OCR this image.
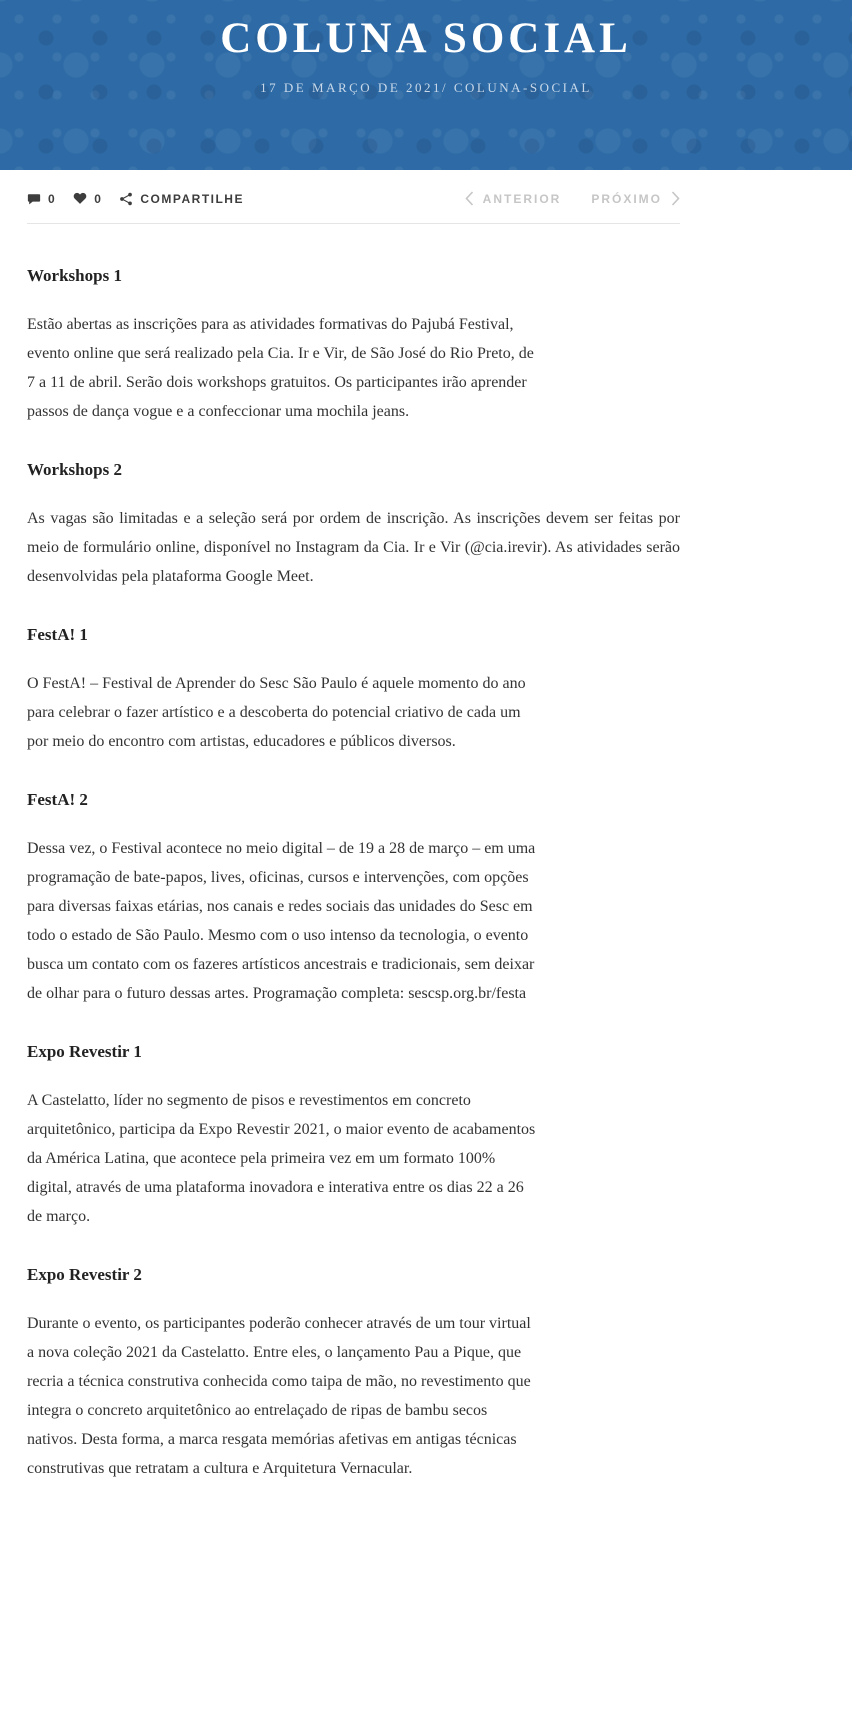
COLUNA SOCIAL
17 DE MARÇO DE 2021/ COLUNA-SOCIAL
0	0	COMPARTILHE	ANTERIOR	PRÓXIMO
Workshops 1

Estão abertas as inscrições para as atividades formativas do Pajubá Festival, evento online que será realizado pela Cia. Ir e Vir, de São José do Rio Preto, de 7 a 11 de abril. Serão dois workshops gratuitos. Os participantes irão aprender passos de dança vogue e a confeccionar uma mochila jeans.

Workshops 2

As vagas são limitadas e a seleção será por ordem de inscrição. As inscrições devem ser feitas por meio de formulário online, disponível no Instagram da Cia. Ir e Vir (@cia.irevir). As atividades serão desenvolvidas pela plataforma Google Meet.

FestA! 1

O FestA! – Festival de Aprender do Sesc São Paulo é aquele momento do ano para celebrar o fazer artístico e a descoberta do potencial criativo de cada um por meio do encontro com artistas, educadores e públicos diversos.

FestA! 2

Dessa vez, o Festival acontece no meio digital – de 19 a 28 de março – em uma programação de bate-papos, lives, oficinas, cursos e intervenções, com opções para diversas faixas etárias, nos canais e redes sociais das unidades do Sesc em todo o estado de São Paulo. Mesmo com o uso intenso da tecnologia, o evento busca um contato com os fazeres artísticos ancestrais e tradicionais, sem deixar de olhar para o futuro dessas artes. Programação completa: sescsp.org.br/festa

Expo Revestir 1

A Castelatto, líder no segmento de pisos e revestimentos em concreto arquitetônico, participa da Expo Revestir 2021, o maior evento de acabamentos da América Latina, que acontece pela primeira vez em um formato 100% digital, através de uma plataforma inovadora e interativa entre os dias 22 a 26 de março.

Expo Revestir 2

Durante o evento, os participantes poderão conhecer através de um tour virtual a nova coleção 2021 da Castelatto. Entre eles, o lançamento Pau a Pique, que recria a técnica construtiva conhecida como taipa de mão, no revestimento que integra o concreto arquitetônico ao entrelaçado de ripas de bambu secos nativos. Desta forma, a marca resgata memórias afetivas em antigas técnicas construtivas que retratam a cultura e Arquitetura Vernacular.
